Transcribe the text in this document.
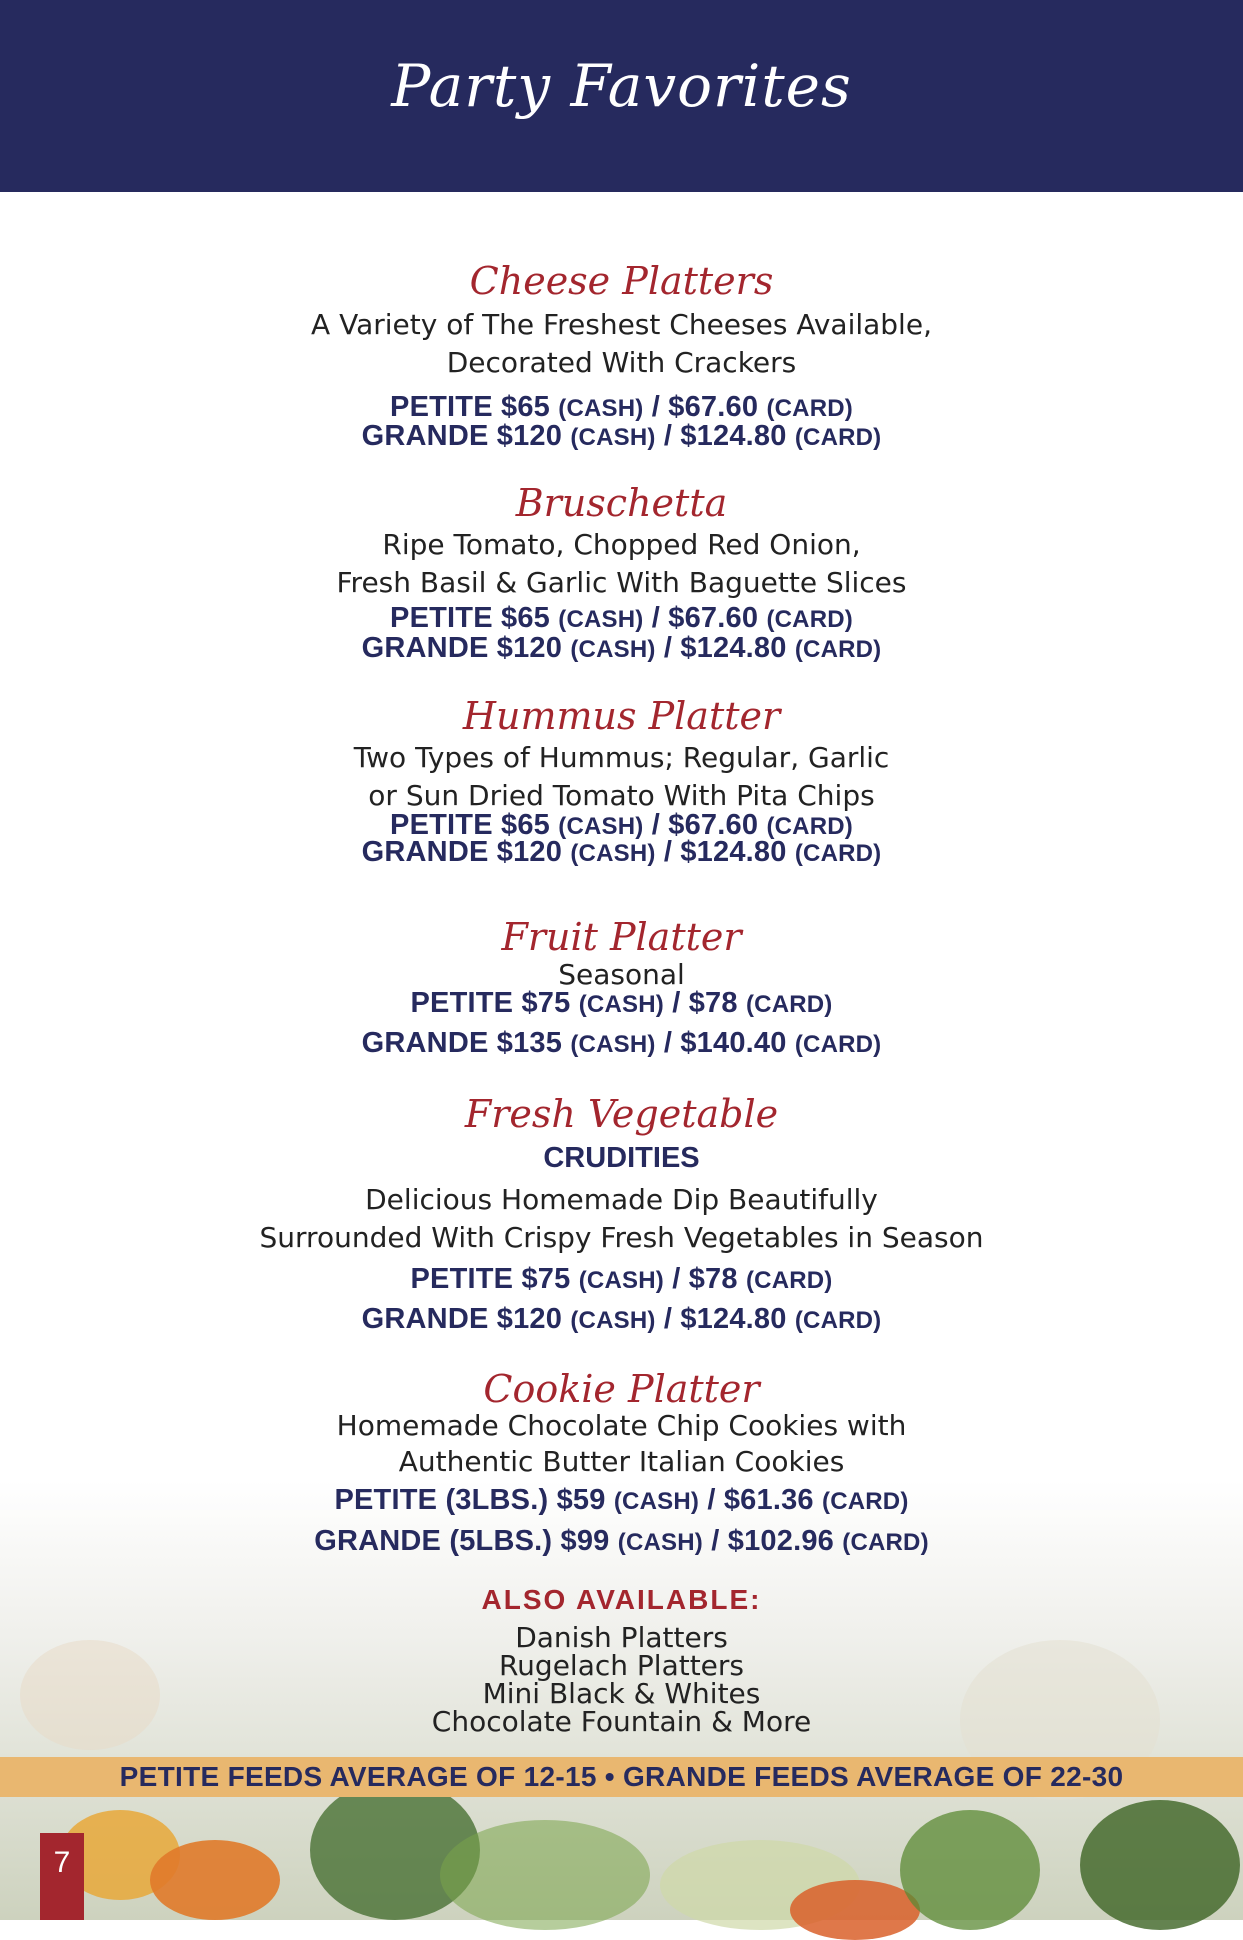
Party Favorites
Cheese Platters
A Variety of The Freshest Cheeses Available,
Decorated With Crackers
PETITE $65 (CASH) / $67.60 (CARD)
GRANDE $120 (CASH) / $124.80 (CARD)
Bruschetta
Ripe Tomato, Chopped Red Onion,
Fresh Basil & Garlic With Baguette Slices
PETITE $65 (CASH) / $67.60 (CARD)
GRANDE $120 (CASH) / $124.80 (CARD)
Hummus Platter
Two Types of Hummus; Regular, Garlic
or Sun Dried Tomato With Pita Chips
PETITE $65 (CASH) / $67.60 (CARD)
GRANDE $120 (CASH) / $124.80 (CARD)
Fruit Platter
Seasonal
PETITE $75 (CASH) / $78 (CARD)
GRANDE $135 (CASH) / $140.40 (CARD)
Fresh Vegetable
CRUDITIES
Delicious Homemade Dip Beautifully
Surrounded With Crispy Fresh Vegetables in Season
PETITE $75 (CASH) / $78 (CARD)
GRANDE $120 (CASH) / $124.80 (CARD)
Cookie Platter
Homemade Chocolate Chip Cookies with
Authentic Butter Italian Cookies
PETITE (3LBS.) $59 (CASH) / $61.36 (CARD)
GRANDE (5LBS.) $99 (CASH) / $102.96 (CARD)
ALSO AVAILABLE:
Danish Platters
Rugelach Platters
Mini Black & Whites
Chocolate Fountain & More
PETITE FEEDS AVERAGE OF 12-15 • GRANDE FEEDS AVERAGE OF 22-30
7
